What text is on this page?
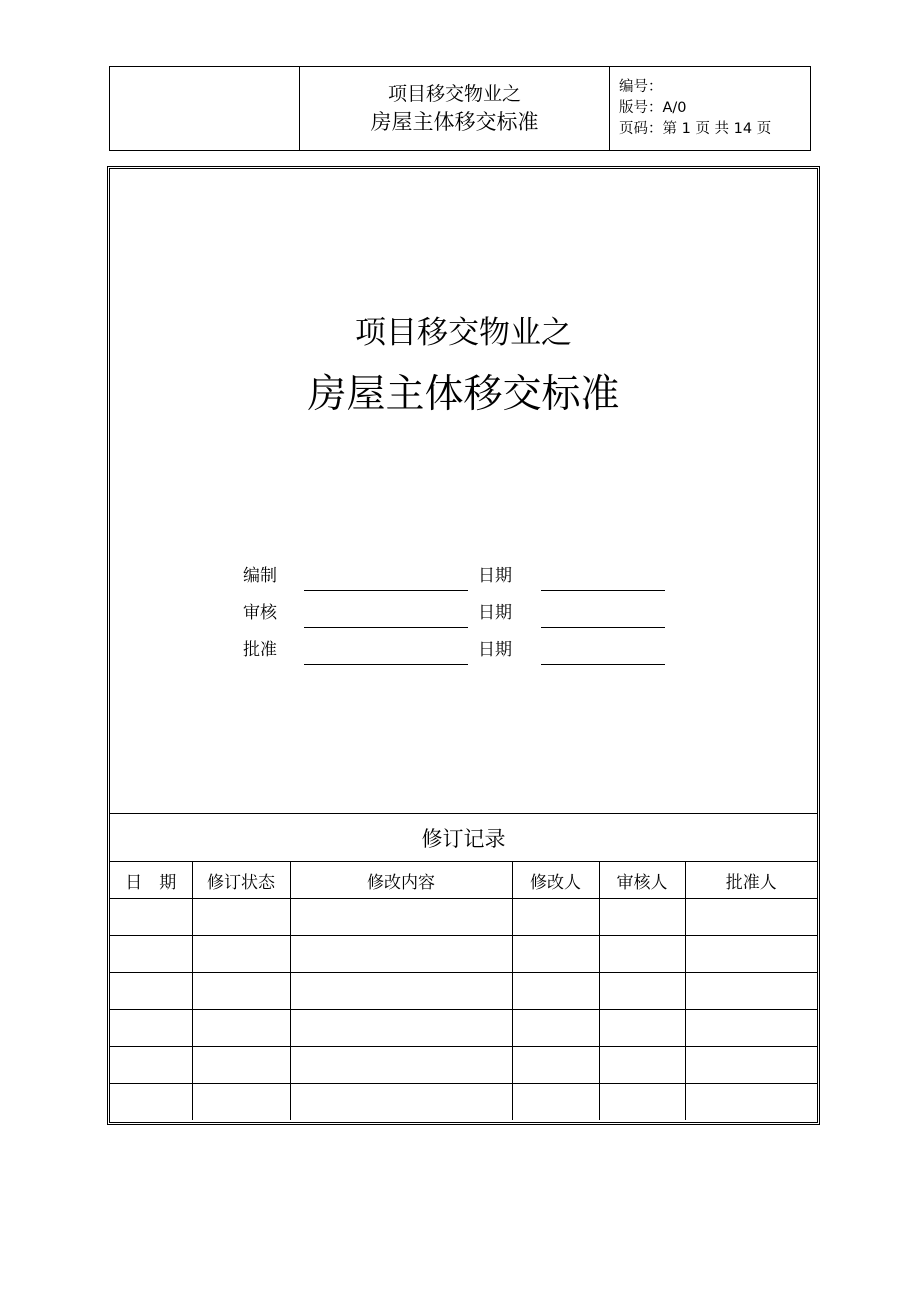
项目移交物业之
房屋主体移交标准
编号：
版号：A/0
页码：第 1 页 共 14 页
项目移交物业之
房屋主体移交标准
编制	日期
审核	日期
批准	日期
修订记录
日　期	修订状态	修改内容	修改人	审核人	批准人
